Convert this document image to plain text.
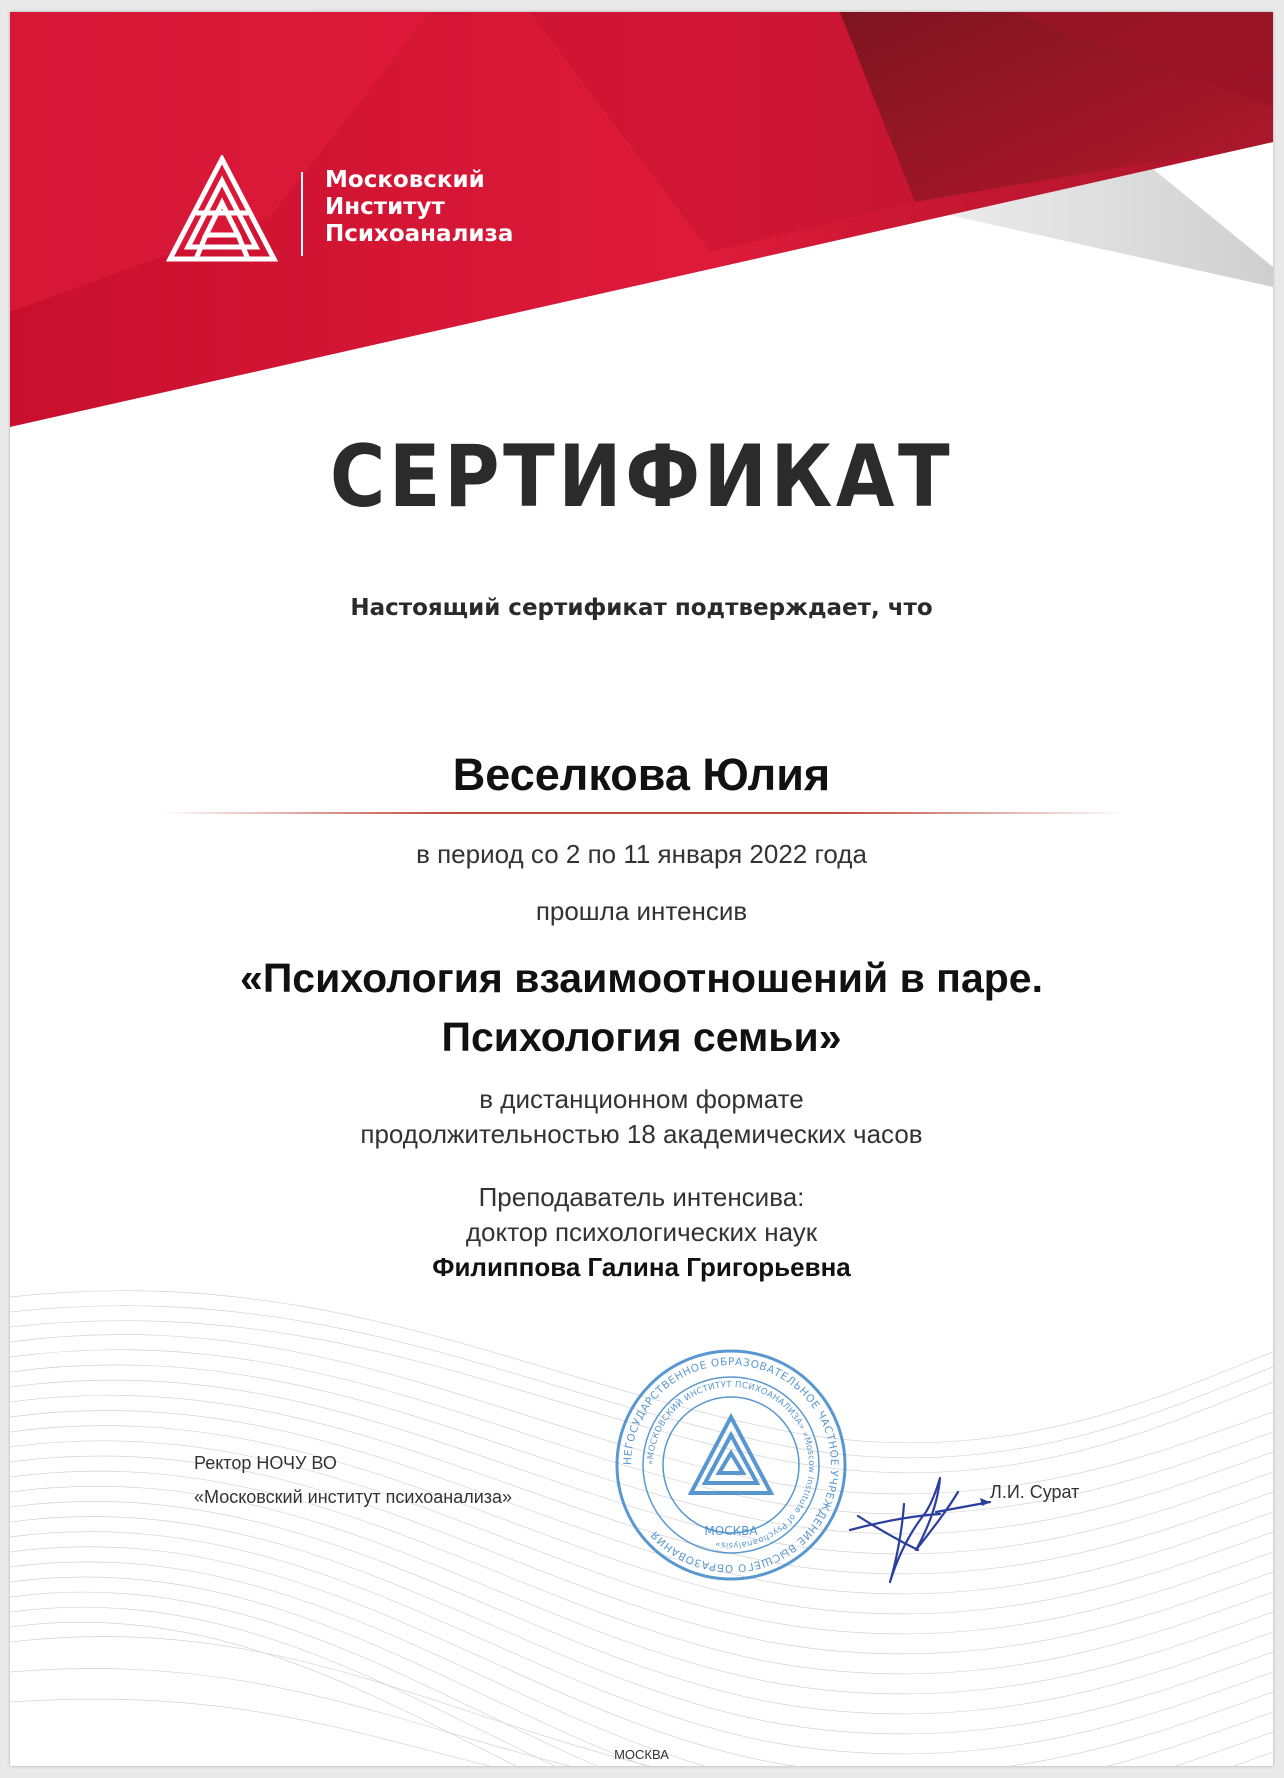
Московский
Институт
Психоанализа
СЕРТИФИКАТ
Настоящий сертификат подтверждает, что
Веселкова Юлия
в период со 2 по 11 января 2022 года
прошла интенсив
«Психология взаимоотношений в паре.
Психология семьи»
в дистанционном формате
продолжительностью 18 академических часов
Преподаватель интенсива:
доктор психологических наук
Филиппова Галина Григорьевна
Ректор НОЧУ ВО
«Московский институт психоанализа»
НЕГОСУДАРСТВЕННОЕ ОБРАЗОВАТЕЛЬНОЕ ЧАСТНОЕ УЧРЕЖДЕНИЕ ВЫСШЕГО ОБРАЗОВАНИЯ
«МОСКОВСКИЙ ИНСТИТУТ ПСИХОАНАЛИЗА» «Moscow Institute of Psychoanalysis»
МОСКВА
Л.И. Сурат
МОСКВА
